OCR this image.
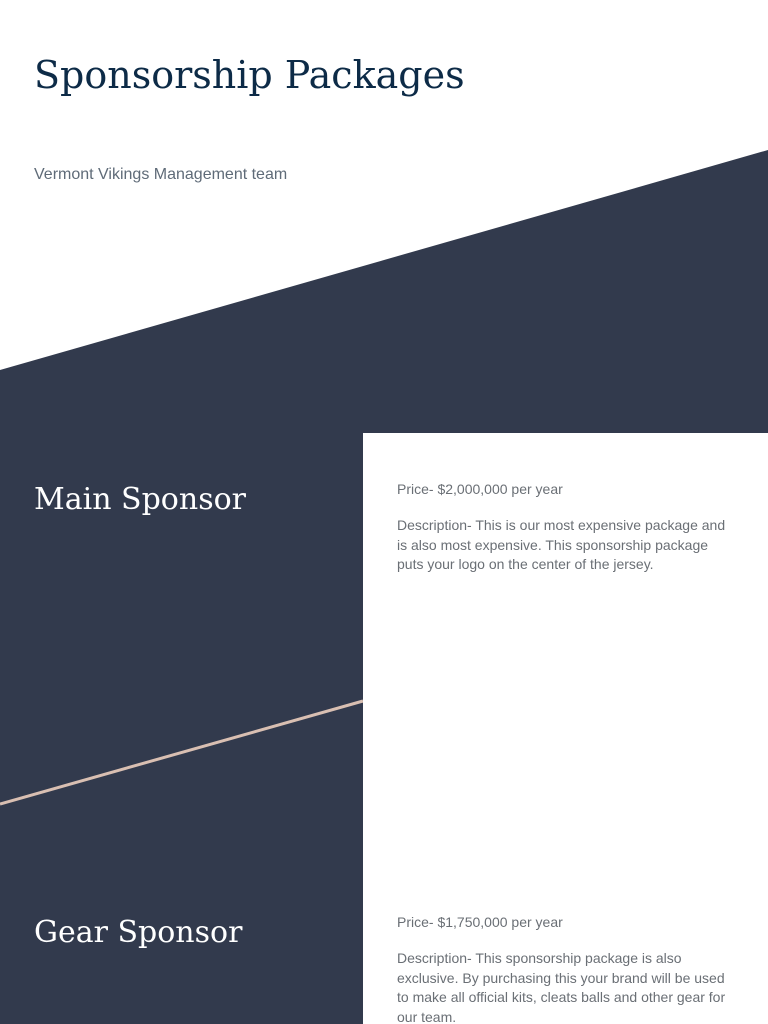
Sponsorship Packages

Vermont Vikings Management team

Price- $2,000,000 per year

Description- This is our most expensive package and is also most expensive. This sponsorship package puts your logo on the center of the jersey.

Price- $1,750,000 per year

Description- This sponsorship package is also exclusive. By purchasing this your brand will be used to make all official kits, cleats balls and other gear for our team.

Main Sponsor
Gear Sponsor
